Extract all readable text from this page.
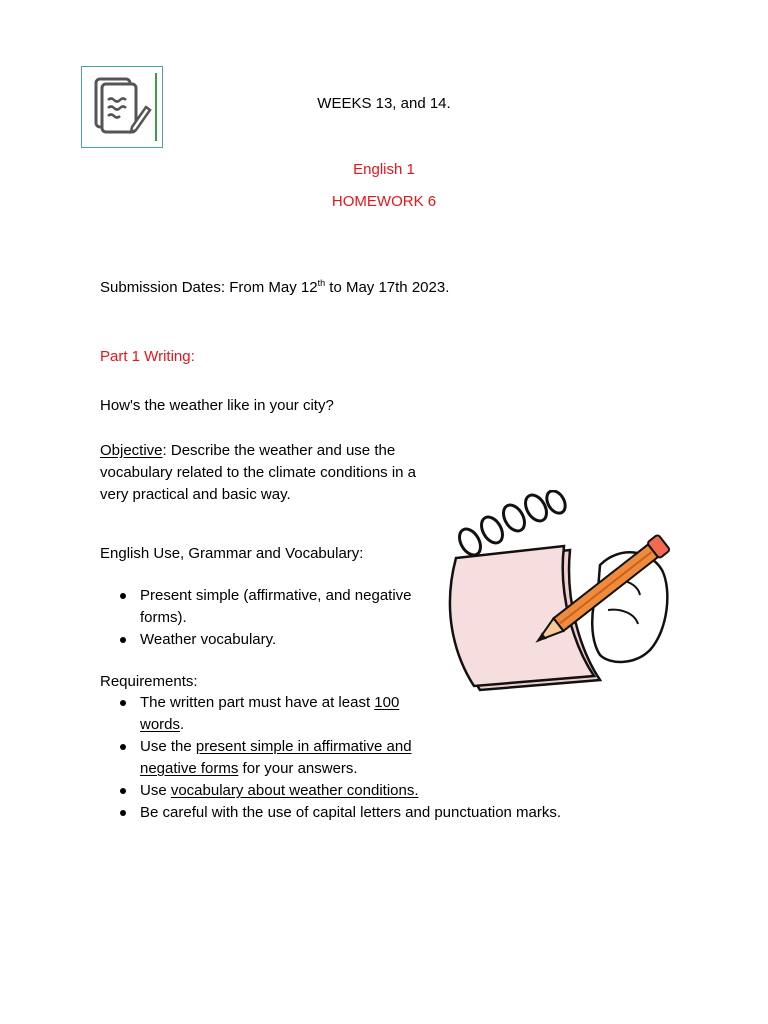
WEEKS 13, and 14.
English 1
HOMEWORK 6
Submission Dates: From May 12th to May 17th 2023.
Part 1 Writing:
How's the weather like in your city?
Objective: Describe the weather and use the
vocabulary related to the climate conditions in a
very practical and basic way.
English Use, Grammar and Vocabulary:
Present simple (affirmative, and negative
forms).
Weather vocabulary.
Requirements:
The written part must have at least 100
words.
Use the present simple in affirmative and
negative forms for your answers.
Use vocabulary about weather conditions.
Be careful with the use of capital letters and punctuation marks.
